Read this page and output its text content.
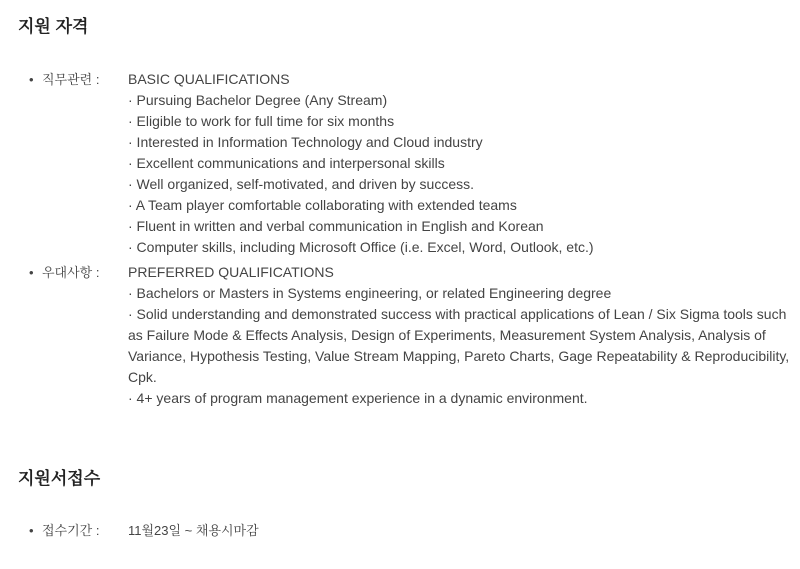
지원 자격
• 직무관련 : BASIC QUALIFICATIONS
· Pursuing Bachelor Degree (Any Stream)
· Eligible to work for full time for six months
· Interested in Information Technology and Cloud industry
· Excellent communications and interpersonal skills
· Well organized, self-motivated, and driven by success.
· A Team player comfortable collaborating with extended teams
· Fluent in written and verbal communication in English and Korean
· Computer skills, including Microsoft Office (i.e. Excel, Word, Outlook, etc.)
• 우대사항 : PREFERRED QUALIFICATIONS
· Bachelors or Masters in Systems engineering, or related Engineering degree
· Solid understanding and demonstrated success with practical applications of Lean / Six Sigma tools such as Failure Mode & Effects Analysis, Design of Experiments, Measurement System Analysis, Analysis of Variance, Hypothesis Testing, Value Stream Mapping, Pareto Charts, Gage Repeatability & Reproducibility, Cpk.
· 4+ years of program management experience in a dynamic environment.
지원서접수
• 접수기간 : 11월23일 ~ 채용시마감
